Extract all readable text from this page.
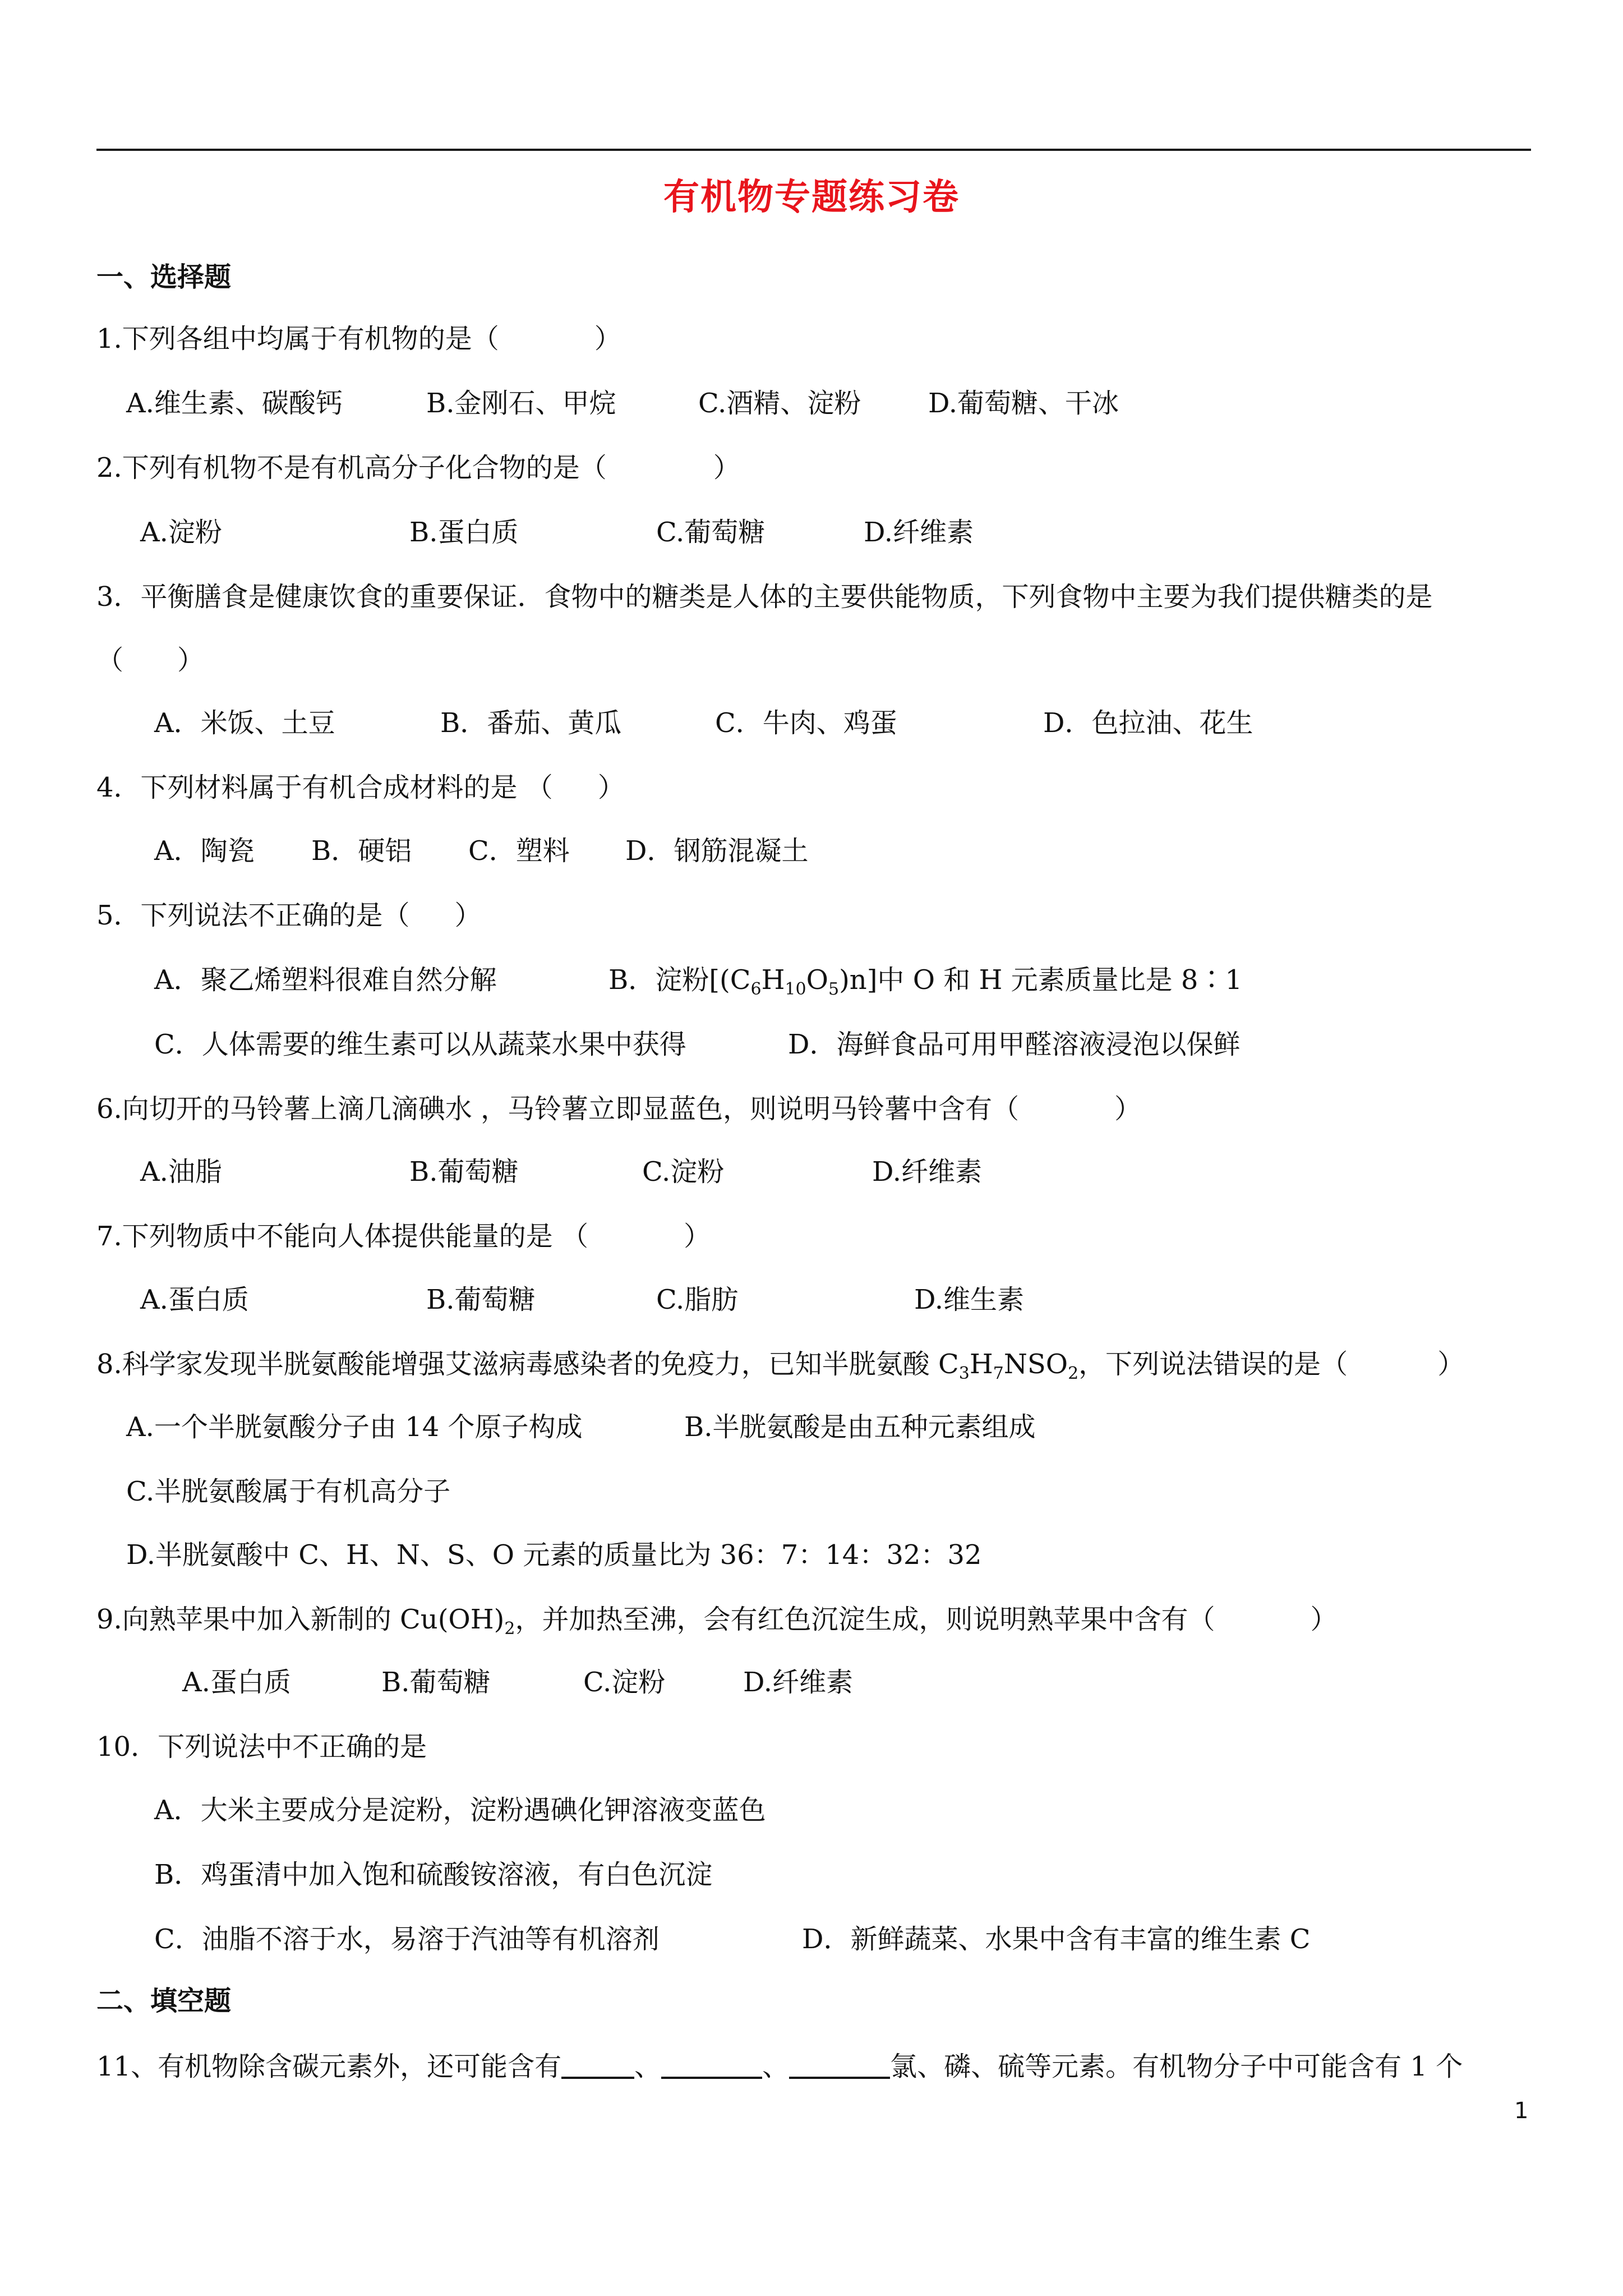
有机物专题练习卷
一、选择题
1.下列各组中均属于有机物的是（	）
A.维生素、碳酸钙	B.金刚石、甲烷	C.酒精、淀粉 D.葡萄糖、干冰
2.下列有机物不是有机高分子化合物的是（	）
A.淀粉	B.蛋白质	C.葡萄糖	D.纤维素
3．平衡膳食是健康饮食的重要保证．食物中的糖类是人体的主要供能物质，下列食物中主要为我们提供糖类的是
（　　）
A．米饭、土豆	B．番茄、黄瓜	C．牛肉、鸡蛋	D．色拉油、花生
4．下列材料属于有机合成材料的是 （ ）
A．陶瓷 B．硬铝 C．塑料 D．钢筋混凝土
5．下列说法不正确的是（ ）
A．聚乙烯塑料很难自然分解	B．淀粉$[(C_6H_{10}O_5)n]$中 O 和 H 元素质量比是 8∶1
C．人体需要的维生素可以从蔬菜水果中获得	D．海鲜食品可用甲醛溶液浸泡以保鲜
6.向切开的马铃薯上滴几滴碘水 ，马铃薯立即显蓝色，则说明马铃薯中含有（	）
A.油脂	B.葡萄糖	C.淀粉	D.纤维素
7.下列物质中不能向人体提供能量的是 （	）
A.蛋白质	B.葡萄糖	C.脂肪	D.维生素
8.科学家发现半胱氨酸能增强艾滋病毒感染者的免疫力，已知半胱氨酸 $C_3H_7NSO_2$，下列说法错误的是（	）
A.一个半胱氨酸分子由 14 个原子构成	B.半胱氨酸是由五种元素组成
C.半胱氨酸属于有机高分子
D.半胱氨酸中 C、H、N、S、O 元素的质量比为 36：7：14：32：32
9.向熟苹果中加入新制的 $Cu(OH)_2$，并加热至沸，会有红色沉淀生成，则说明熟苹果中含有（	）
A.蛋白质	B.葡萄糖	C.淀粉	D.纤维素
10．下列说法中不正确的是
A．大米主要成分是淀粉，淀粉遇碘化钾溶液变蓝色
B．鸡蛋清中加入饱和硫酸铵溶液，有白色沉淀
C．油脂不溶于水，易溶于汽油等有机溶剂	D．新鲜蔬菜、水果中含有丰富的维生素 C
二、填空题
11、有机物除含碳元素外，还可能含有	、	、	氯、磷、硫等元素。有机物分子中可能含有 1 个
1
